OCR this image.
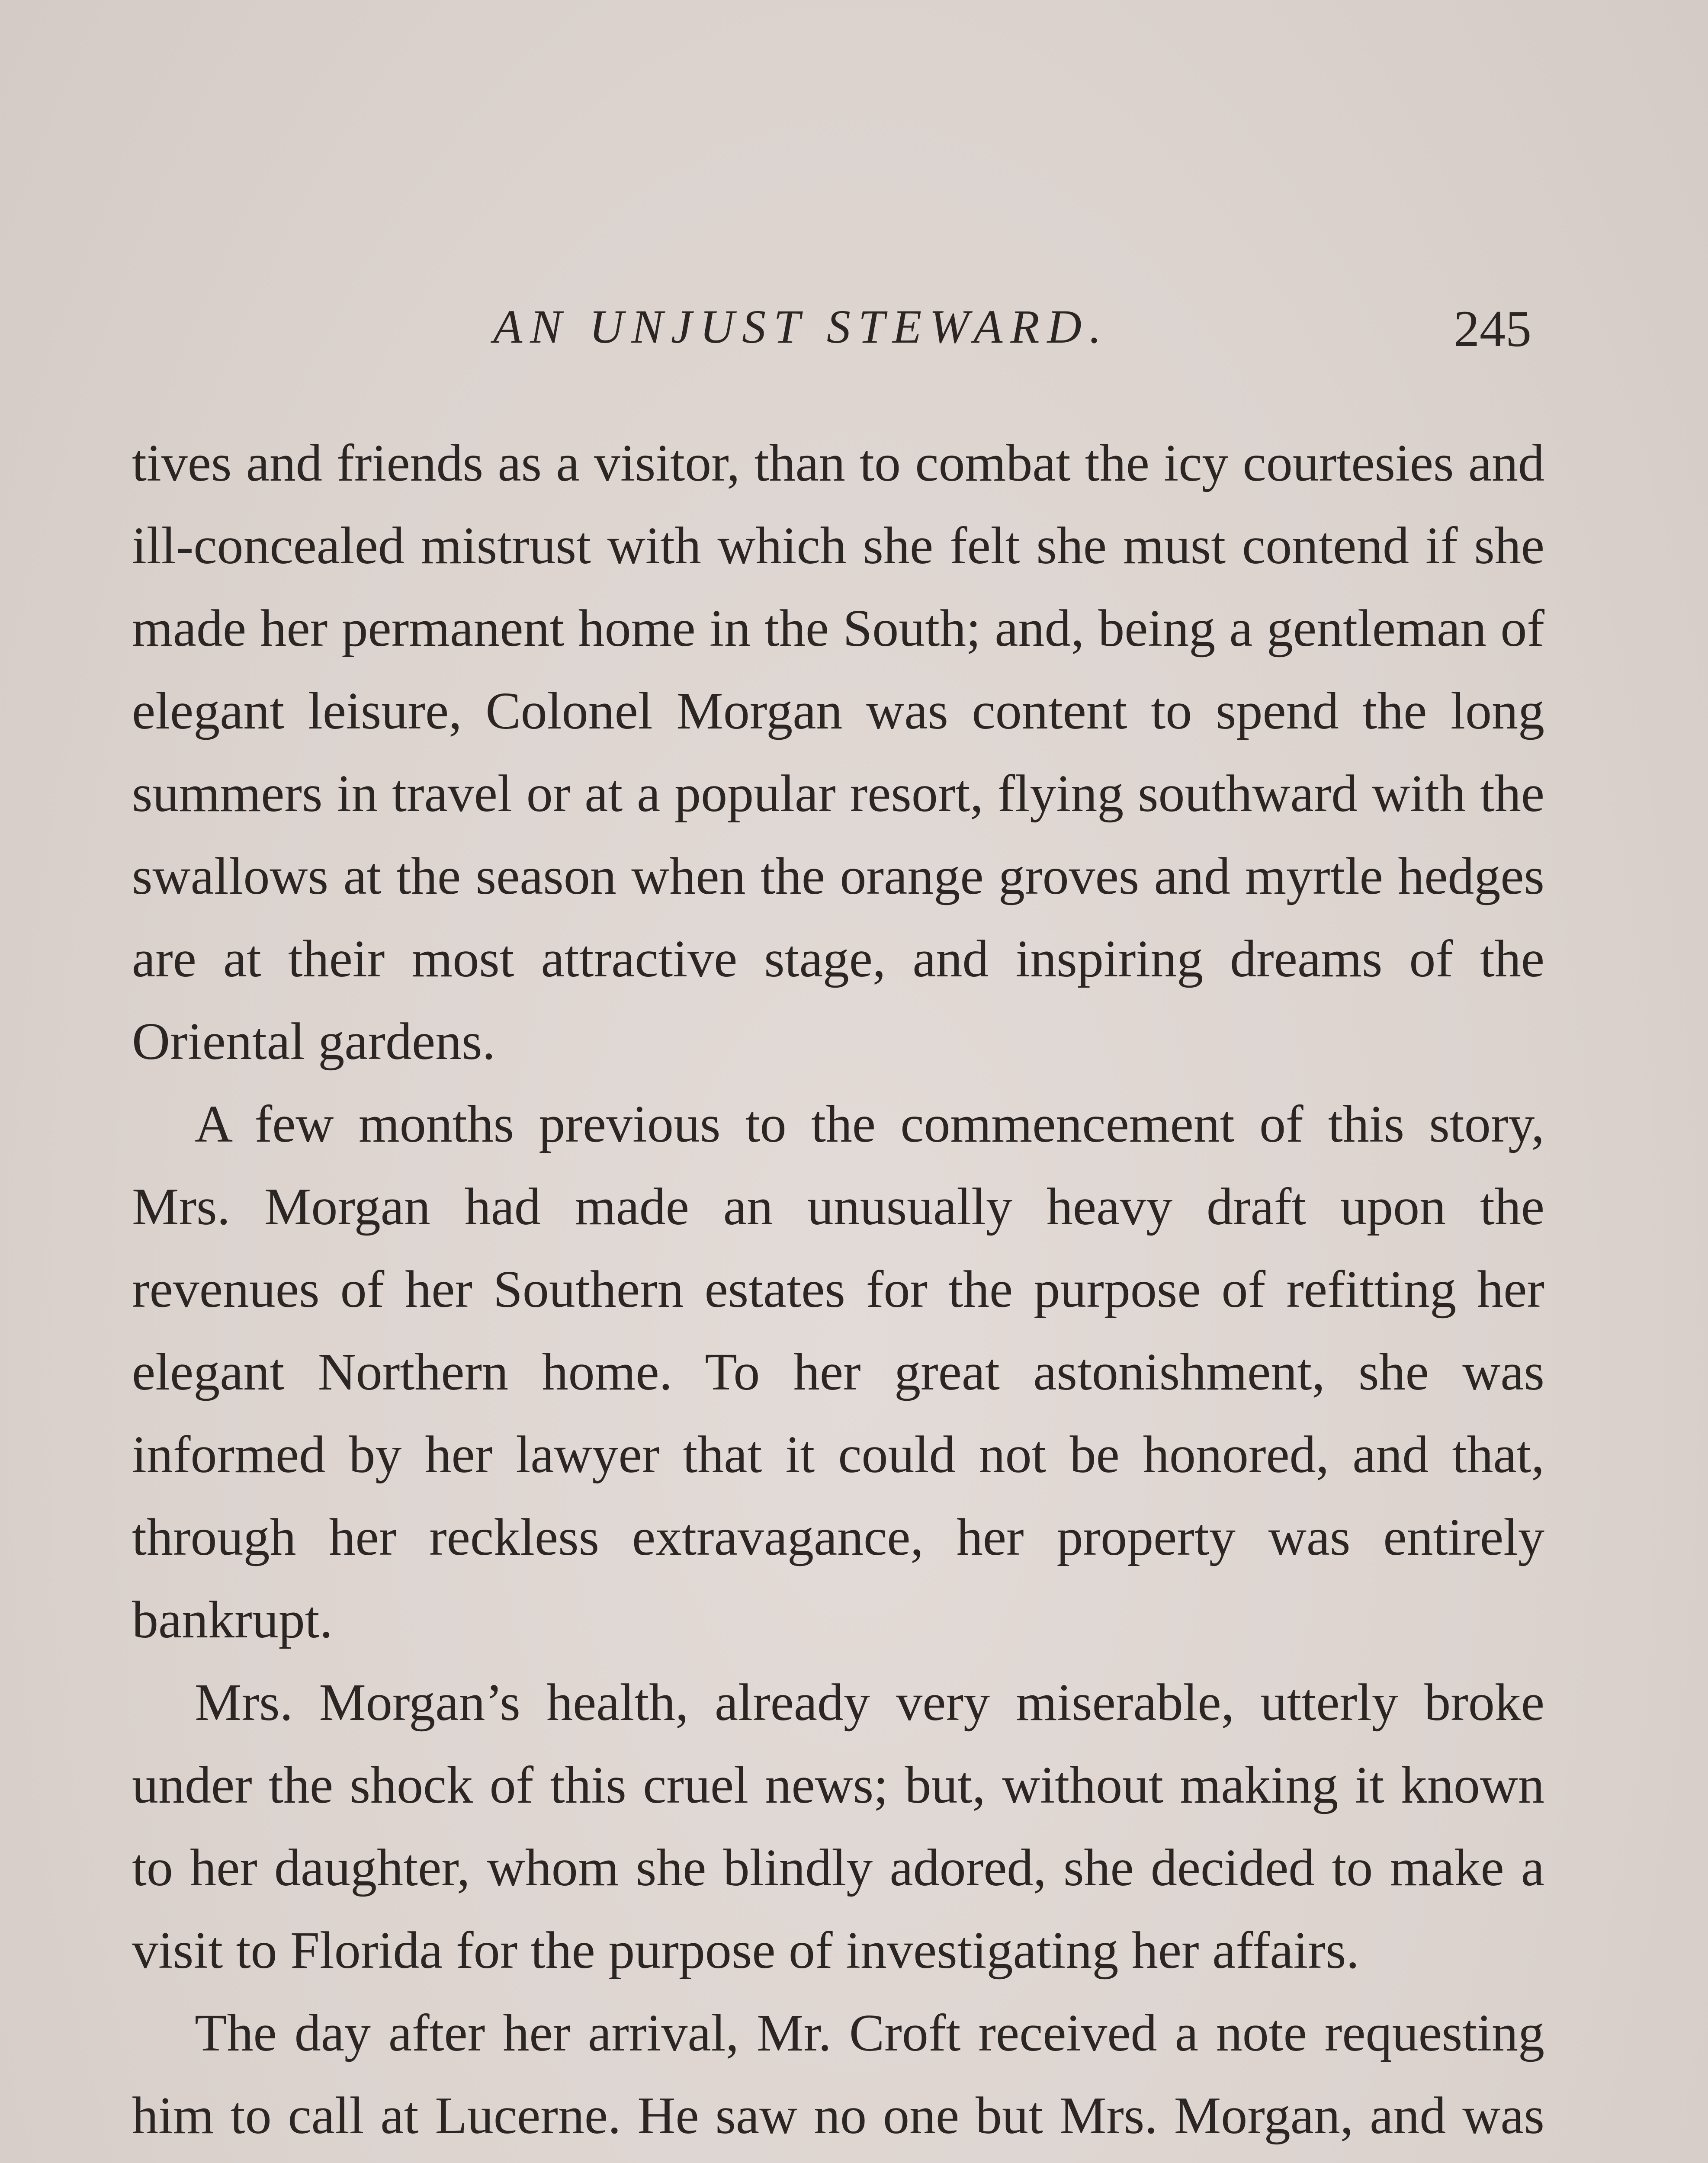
AN UNJUST STEWARD.	245

tives and friends as a visitor, than to combat the icy courtesies and ill-concealed mistrust with which she felt she must contend if she made her permanent home in the South; and, being a gentleman of elegant leisure, Colonel Morgan was content to spend the long summers in travel or at a popular resort, flying southward with the swallows at the season when the orange groves and myrtle hedges are at their most attractive stage, and inspiring dreams of the Oriental gardens.

A few months previous to the commencement of this story, Mrs. Morgan had made an unusually heavy draft upon the revenues of her Southern estates for the purpose of refitting her elegant Northern home. To her great astonishment, she was informed by her lawyer that it could not be honored, and that, through her reckless extravagance, her property was entirely bankrupt.

Mrs. Morgan’s health, already very miserable, utterly broke under the shock of this cruel news; but, without making it known to her daughter, whom she blindly adored, she decided to make a visit to Florida for the purpose of investigating her affairs.

The day after her arrival, Mr. Croft received a note requesting him to call at Lucerne. He saw no one but Mrs. Morgan, and was
